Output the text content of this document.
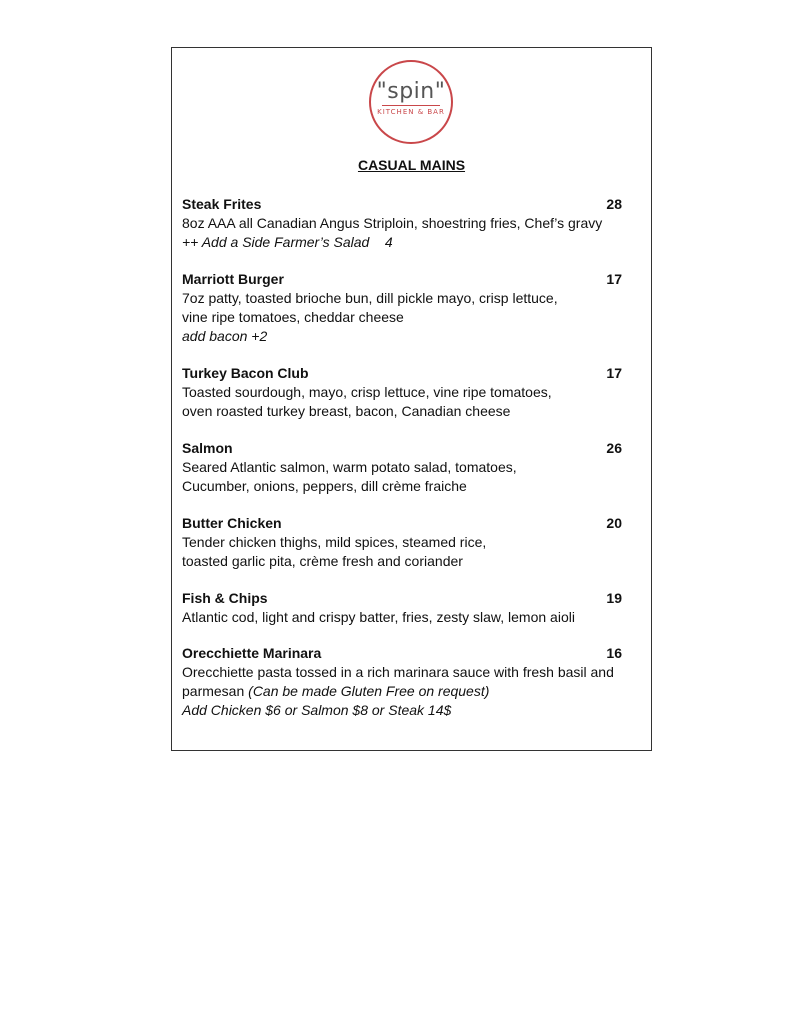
"spin"
KITCHEN & BAR
CASUAL MAINS
Steak Frites	28
8oz AAA all Canadian Angus Striploin, shoestring fries, Chef’s gravy
++ Add a Side Farmer’s Salad    4
Marriott Burger	17
7oz patty, toasted brioche bun, dill pickle mayo, crisp lettuce,
vine ripe tomatoes, cheddar cheese
add bacon +2
Turkey Bacon Club	17
Toasted sourdough, mayo, crisp lettuce, vine ripe tomatoes,
oven roasted turkey breast, bacon, Canadian cheese
Salmon	26
Seared Atlantic salmon, warm potato salad, tomatoes,
Cucumber, onions, peppers, dill crème fraiche
Butter Chicken	20
Tender chicken thighs, mild spices, steamed rice,
toasted garlic pita, crème fresh and coriander
Fish & Chips	19
Atlantic cod, light and crispy batter, fries, zesty slaw, lemon aioli
Orecchiette Marinara	16
Orecchiette pasta tossed in a rich marinara sauce with fresh basil and
parmesan (Can be made Gluten Free on request)
Add Chicken $6 or Salmon $8 or Steak 14$
